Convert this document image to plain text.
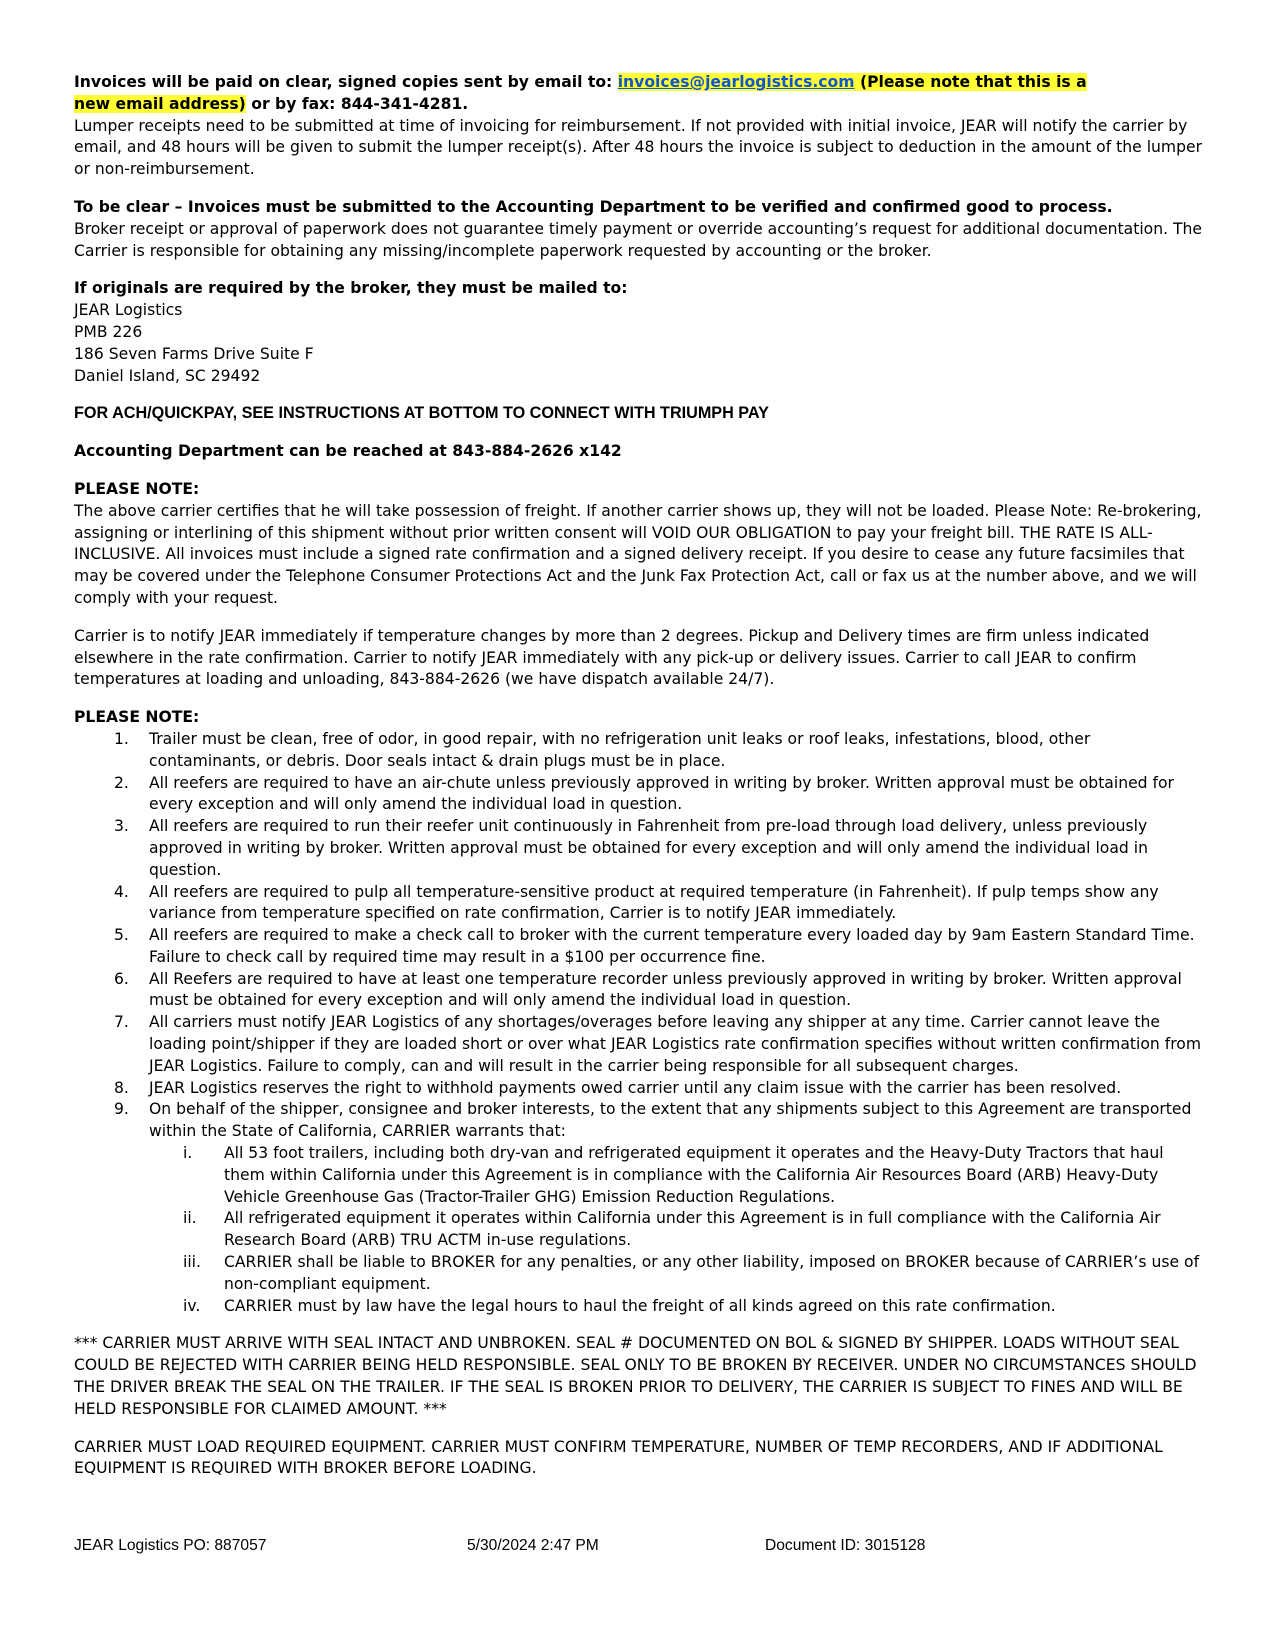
Invoices will be paid on clear, signed copies sent by email to: invoices@jearlogistics.com (Please note that this is a
new email address) or by fax: 844-341-4281.
Lumper receipts need to be submitted at time of invoicing for reimbursement. If not provided with initial invoice, JEAR will notify the carrier by email, and 48 hours will be given to submit the lumper receipt(s). After 48 hours the invoice is subject to deduction in the amount of the lumper or non-reimbursement.

To be clear – Invoices must be submitted to the Accounting Department to be verified and confirmed good to process.
Broker receipt or approval of paperwork does not guarantee timely payment or override accounting’s request for additional documentation. The Carrier is responsible for obtaining any missing/incomplete paperwork requested by accounting or the broker.

If originals are required by the broker, they must be mailed to:
JEAR Logistics
PMB 226
186 Seven Farms Drive Suite F
Daniel Island, SC 29492

FOR ACH/QUICKPAY, SEE INSTRUCTIONS AT BOTTOM TO CONNECT WITH TRIUMPH PAY

Accounting Department can be reached at 843-884-2626 x142

PLEASE NOTE:
The above carrier certifies that he will take possession of freight. If another carrier shows up, they will not be loaded. Please Note: Re-brokering, assigning or interlining of this shipment without prior written consent will VOID OUR OBLIGATION to pay your freight bill. THE RATE IS ALL-INCLUSIVE. All invoices must include a signed rate confirmation and a signed delivery receipt. If you desire to cease any future facsimiles that may be covered under the Telephone Consumer Protections Act and the Junk Fax Protection Act, call or fax us at the number above, and we will comply with your request.

Carrier is to notify JEAR immediately if temperature changes by more than 2 degrees. Pickup and Delivery times are firm unless indicated elsewhere in the rate confirmation. Carrier to notify JEAR immediately with any pick-up or delivery issues. Carrier to call JEAR to confirm temperatures at loading and unloading, 843-884-2626 (we have dispatch available 24/7).

PLEASE NOTE:

1. Trailer must be clean, free of odor, in good repair, with no refrigeration unit leaks or roof leaks, infestations, blood, other contaminants, or debris. Door seals intact & drain plugs must be in place.
2. All reefers are required to have an air-chute unless previously approved in writing by broker. Written approval must be obtained for every exception and will only amend the individual load in question.
3. All reefers are required to run their reefer unit continuously in Fahrenheit from pre-load through load delivery, unless previously approved in writing by broker. Written approval must be obtained for every exception and will only amend the individual load in question.
4. All reefers are required to pulp all temperature-sensitive product at required temperature (in Fahrenheit). If pulp temps show any variance from temperature specified on rate confirmation, Carrier is to notify JEAR immediately.
5. All reefers are required to make a check call to broker with the current temperature every loaded day by 9am Eastern Standard Time. Failure to check call by required time may result in a $100 per occurrence fine.
6. All Reefers are required to have at least one temperature recorder unless previously approved in writing by broker. Written approval must be obtained for every exception and will only amend the individual load in question.
7. All carriers must notify JEAR Logistics of any shortages/overages before leaving any shipper at any time. Carrier cannot leave the loading point/shipper if they are loaded short or over what JEAR Logistics rate confirmation specifies without written confirmation from JEAR Logistics. Failure to comply, can and will result in the carrier being responsible for all subsequent charges.
8. JEAR Logistics reserves the right to withhold payments owed carrier until any claim issue with the carrier has been resolved.
9. On behalf of the shipper, consignee and broker interests, to the extent that any shipments subject to this Agreement are transported within the State of California, CARRIER warrants that:
i. All 53 foot trailers, including both dry-van and refrigerated equipment it operates and the Heavy-Duty Tractors that haul them within California under this Agreement is in compliance with the California Air Resources Board (ARB) Heavy-Duty Vehicle Greenhouse Gas (Tractor-Trailer GHG) Emission Reduction Regulations.
ii. All refrigerated equipment it operates within California under this Agreement is in full compliance with the California Air Research Board (ARB) TRU ACTM in-use regulations.
iii. CARRIER shall be liable to BROKER for any penalties, or any other liability, imposed on BROKER because of CARRIER’s use of non-compliant equipment.
iv. CARRIER must by law have the legal hours to haul the freight of all kinds agreed on this rate confirmation.

*** CARRIER MUST ARRIVE WITH SEAL INTACT AND UNBROKEN. SEAL # DOCUMENTED ON BOL & SIGNED BY SHIPPER. LOADS WITHOUT SEAL COULD BE REJECTED WITH CARRIER BEING HELD RESPONSIBLE. SEAL ONLY TO BE BROKEN BY RECEIVER. UNDER NO CIRCUMSTANCES SHOULD THE DRIVER BREAK THE SEAL ON THE TRAILER. IF THE SEAL IS BROKEN PRIOR TO DELIVERY, THE CARRIER IS SUBJECT TO FINES AND WILL BE HELD RESPONSIBLE FOR CLAIMED AMOUNT. ***

CARRIER MUST LOAD REQUIRED EQUIPMENT. CARRIER MUST CONFIRM TEMPERATURE, NUMBER OF TEMP RECORDERS, AND IF ADDITIONAL EQUIPMENT IS REQUIRED WITH BROKER BEFORE LOADING.

JEAR Logistics PO: 887057	5/30/2024 2:47 PM	Document ID: 3015128
